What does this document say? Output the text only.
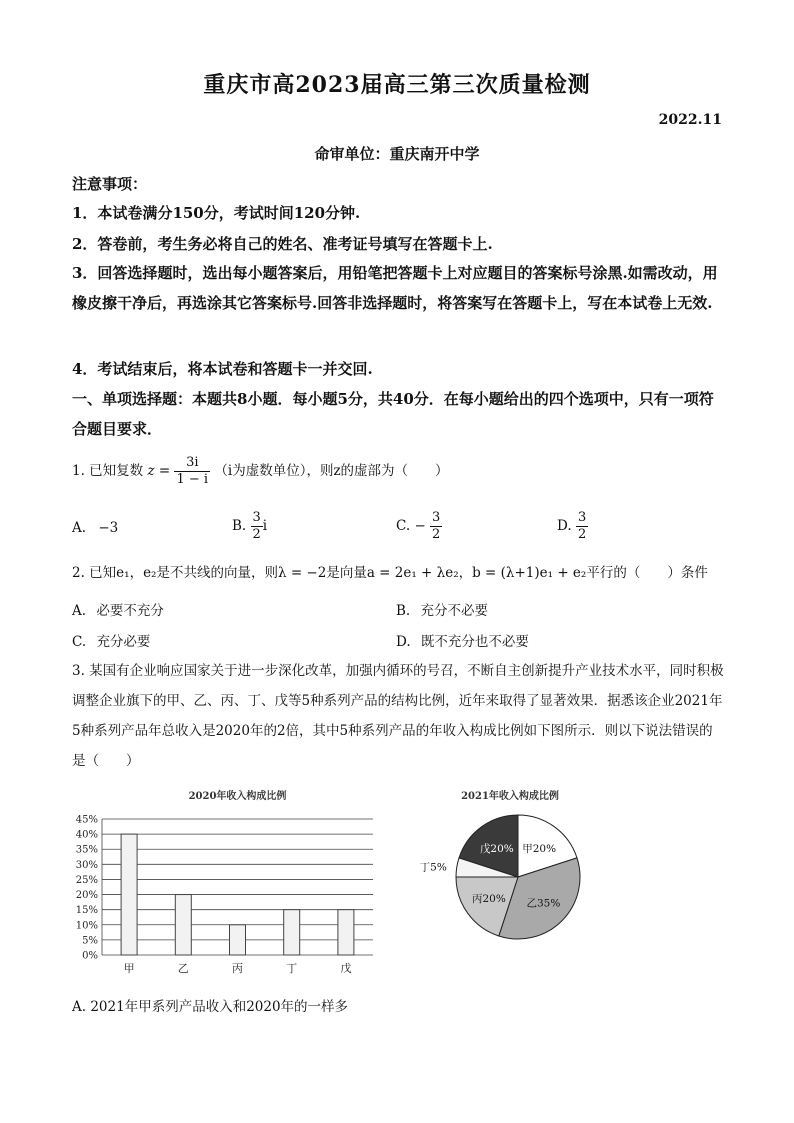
重庆市高2023届高三第三次质量检测
2022.11
命审单位：重庆南开中学
注意事项：
1．本试卷满分150分，考试时间120分钟.
2．答卷前，考生务必将自己的姓名、准考证号填写在答题卡上.
3．回答选择题时，选出每小题答案后，用铅笔把答题卡上对应题目的答案标号涂黑.如需改动，用橡皮擦干净后，再选涂其它答案标号.回答非选择题时，将答案写在答题卡上，写在本试卷上无效.
4．考试结束后，将本试卷和答题卡一并交回.
一、单项选择题：本题共8小题．每小题5分，共40分．在每小题给出的四个选项中，只有一项符合题目要求．
1. 已知复数 $z = \frac{3i}{1 - i} (i$为虚数单位），则z的虚部为（　　）
A. −3	B. $\frac{3}{2}$ i	C. − $\frac{3}{2}$	D. $\frac{3}{2}$
2. 已知e₁，e₂是不共线的向量，则λ = −2是向量a = 2e₁ + λe₂，b = (λ+1)e₁ + e₂平行的（　　）条件
A. 必要不充分	B. 充分不必要
C. 充分必要	D. 既不充分也不必要
3. 某国有企业响应国家关于进一步深化改革，加强内循环的号召，不断自主创新提升产业技术水平，同时积极调整企业旗下的甲、乙、丙、丁、戊等5种系列产品的结构比例，近年来取得了显著效果．据悉该企业2021年5种系列产品年总收入是2020年的2倍，其中5种系列产品的年收入构成比例如下图所示．则以下说法错误的是（　　）
2020年收入构成比例
0%
5%
10%
15%
20%
25%
30%
35%
40%
45%
甲	乙	丙	丁	戊
2021年收入构成比例
甲20%
乙35%
丙20%
丁5%
戊20%
A. 2021年甲系列产品收入和2020年的一样多
